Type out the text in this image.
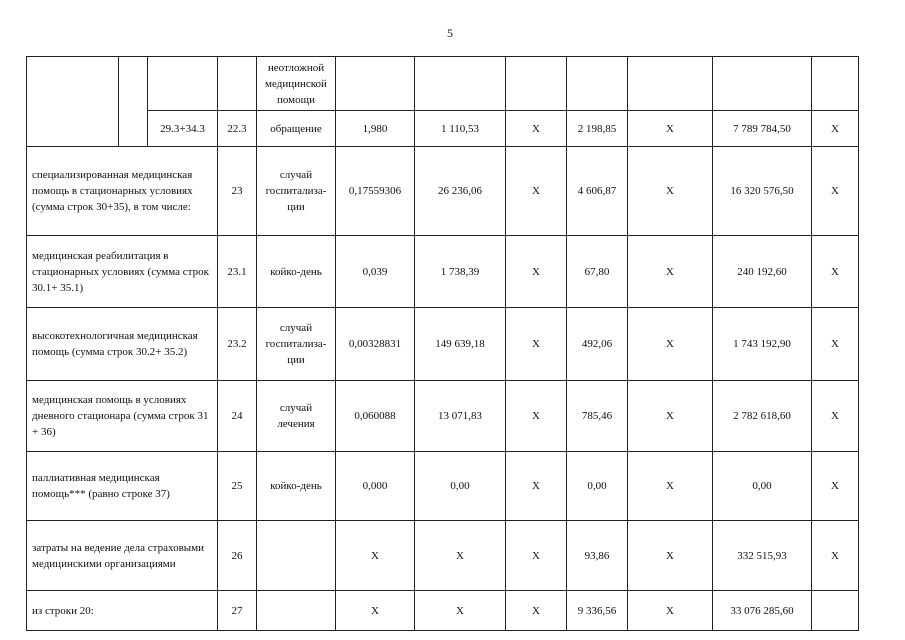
5
				неотложной медицинской помощи							
		29.3+34.3	22.3	обращение	1,980	1 110,53	X	2 198,85	X	7 789 784,50	X
специализированная медицинская помощь в стационарных условиях (сумма строк 30+35), в том числе:			23	случай госпитализа-ции	0,17559306	26 236,06	X	4 606,87	X	16 320 576,50	X
медицинская реабилитация в стационарных условиях (сумма строк 30.1+ 35.1)			23.1	койко-день	0,039	1 738,39	X	67,80	X	240 192,60	X
высокотехнологичная медицинская помощь (сумма строк 30.2+ 35.2)			23.2	случай госпитализа-ции	0,00328831	149 639,18	X	492,06	X	1 743 192,90	X
медицинская помощь в условиях дневного стационара (сумма строк 31 + 36)			24	случай лечения	0,060088	13 071,83	X	785,46	X	2 782 618,60	X
паллиативная медицинская помощь*** (равно строке 37)			25	койко-день	0,000	0,00	X	0,00	X	0,00	X
затраты на ведение дела страховыми медицинскими организациями			26		X	X	X	93,86	X	332 515,93	X
из строки 20:			27		X	X	X	9 336,56	X	33 076 285,60	
